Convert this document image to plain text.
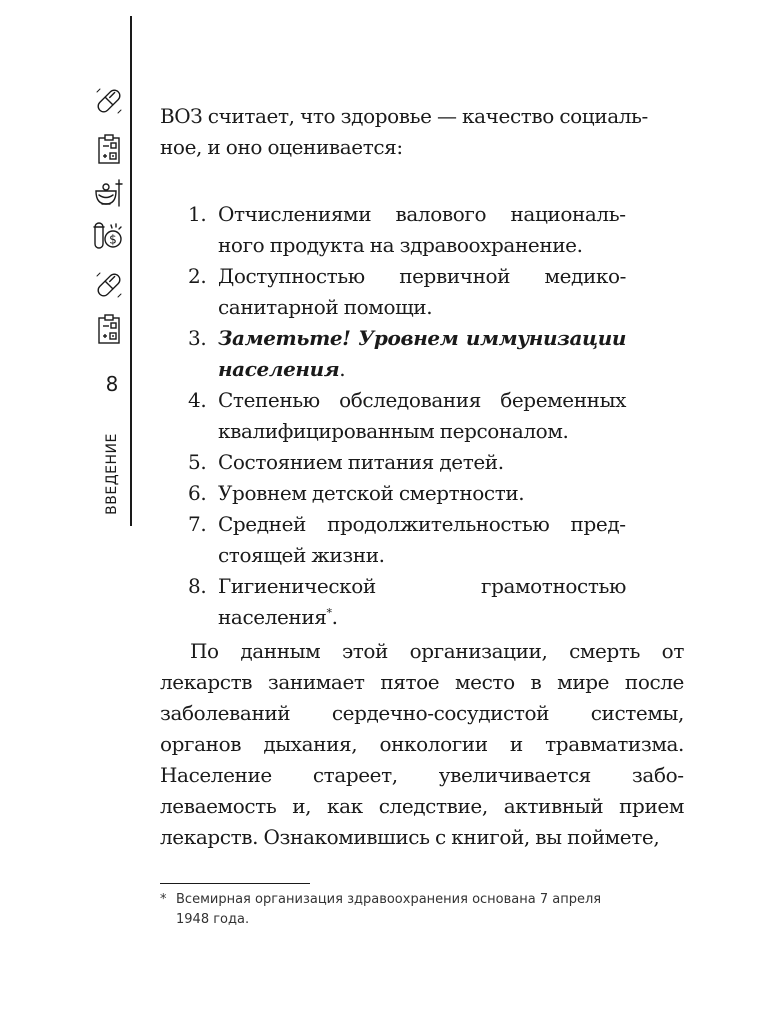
$
8
ВВЕДЕНИЕ

ВОЗ считает, что здоровье — качество социаль-
ное, и оно оценивается:

1. Отчислениями валового национального продукта на здравоохранение.
2. Доступностью первичной медико-санитарной помощи.
3. Заметьте! Уровнем иммунизации населения.
4. Степенью обследования беременных квалифицированным персоналом.
5. Состоянием питания детей.
6. Уровнем детской смертности.
7. Средней продолжительностью предстоящей жизни.
8. Гигиенической грамотностью населения*.

По данным этой организации, смерть от лекарств занимает пятое место в мире после заболеваний сердечно-сосудистой системы, органов дыхания, онкологии и травматизма. Население стареет, увеличивается заболеваемость и, как следствие, активный прием лекарств. Ознакомившись с книгой, вы поймете,

* Всемирная организация здравоохранения основана 7 апреля
1948 года.
